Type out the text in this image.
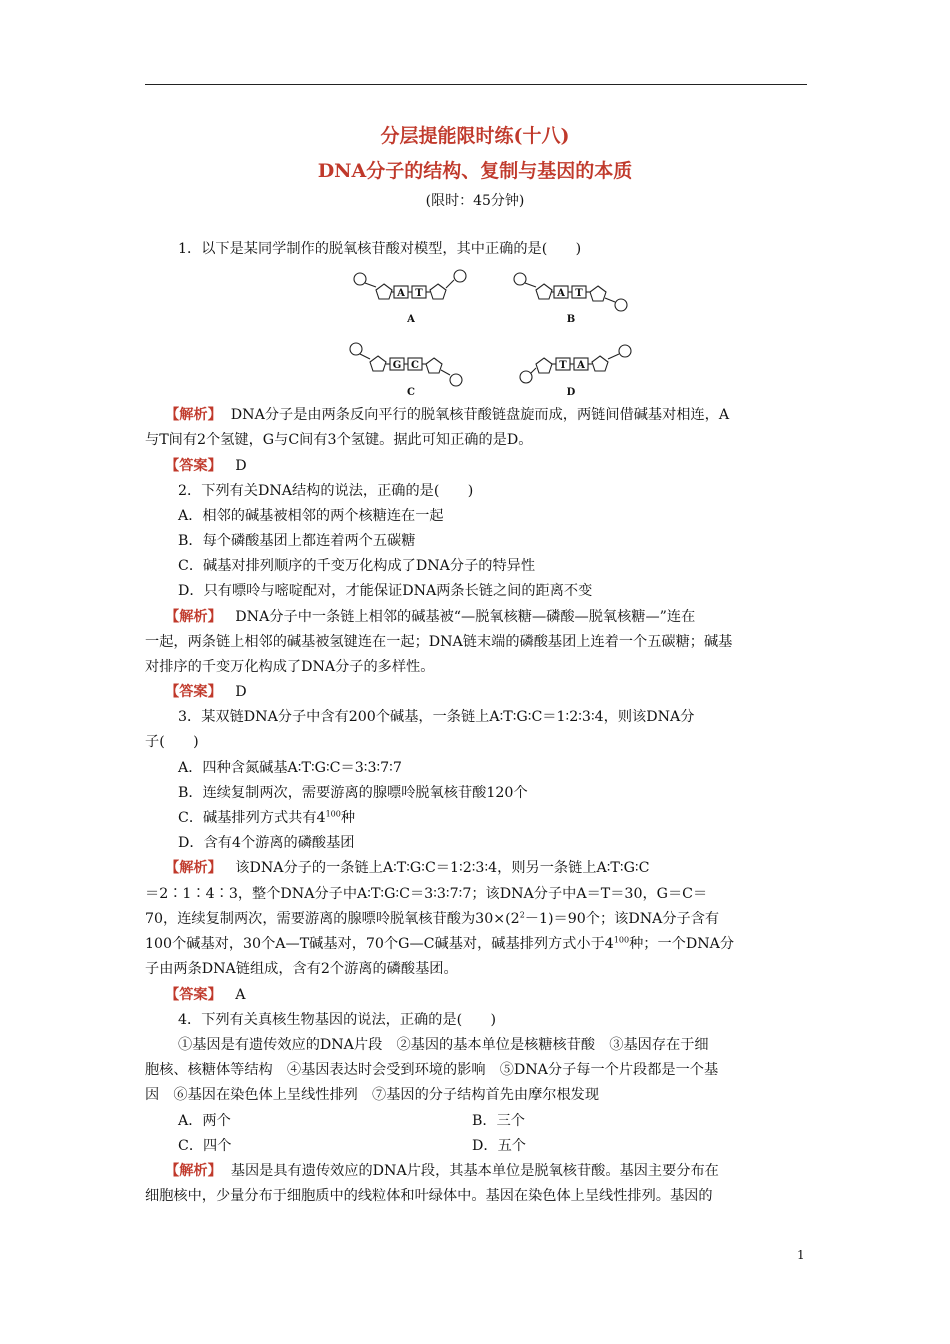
分层提能限时练(十八)
DNA分子的结构、复制与基因的本质
(限时：45分钟)
1．以下是某同学制作的脱氧核苷酸对模型，其中正确的是(　　)
A T	A T
G C	T A
A	B
C	D
【解析】 DNA分子是由两条反向平行的脱氧核苷酸链盘旋而成，两链间借碱基对相连，A
与T间有2个氢键，G与C间有3个氢键。据此可知正确的是D。
【答案】 D
2．下列有关DNA结构的说法，正确的是(　　)
A．相邻的碱基被相邻的两个核糖连在一起
B．每个磷酸基团上都连着两个五碳糖
C．碱基对排列顺序的千变万化构成了DNA分子的特异性
D．只有嘌呤与嘧啶配对，才能保证DNA两条长链之间的距离不变
【解析】 DNA分子中一条链上相邻的碱基被“—脱氧核糖—磷酸—脱氧核糖—”连在
一起，两条链上相邻的碱基被氢键连在一起；DNA链末端的磷酸基团上连着一个五碳糖；碱基
对排序的千变万化构成了DNA分子的多样性。
【答案】 D
3．某双链DNA分子中含有200个碱基，一条链上A∶T∶G∶C＝1∶2∶3∶4，则该DNA分
子(　　)
A．四种含氮碱基A∶T∶G∶C＝3∶3∶7∶7
B．连续复制两次，需要游离的腺嘌呤脱氧核苷酸120个
C．碱基排列方式共有$4^{100}$种
D．含有4个游离的磷酸基团
【解析】 该DNA分子的一条链上A∶T∶G∶C＝1∶2∶3∶4，则另一条链上A∶T∶G∶C
＝2∶1∶4∶3，整个DNA分子中A∶T∶G∶C＝3∶3∶7∶7；该DNA分子中A＝T＝30，G＝C＝
70，连续复制两次，需要游离的腺嘌呤脱氧核苷酸为$30\times(2^2-1)=90$个；该DNA分子含有
100个碱基对，30个A—T碱基对，70个G—C碱基对，碱基排列方式小于$4^{100}$种；一个DNA分
子由两条DNA链组成，含有2个游离的磷酸基团。
【答案】 A
4．下列有关真核生物基因的说法，正确的是(　　)
①基因是有遗传效应的DNA片段　②基因的基本单位是核糖核苷酸　③基因存在于细
胞核、核糖体等结构　④基因表达时会受到环境的影响　⑤DNA分子每一个片段都是一个基
因　⑥基因在染色体上呈线性排列　⑦基因的分子结构首先由摩尔根发现
A．两个	B．三个
C．四个	D．五个
【解析】 基因是具有遗传效应的DNA片段，其基本单位是脱氧核苷酸。基因主要分布在
细胞核中，少量分布于细胞质中的线粒体和叶绿体中。基因在染色体上呈线性排列。基因的
1
